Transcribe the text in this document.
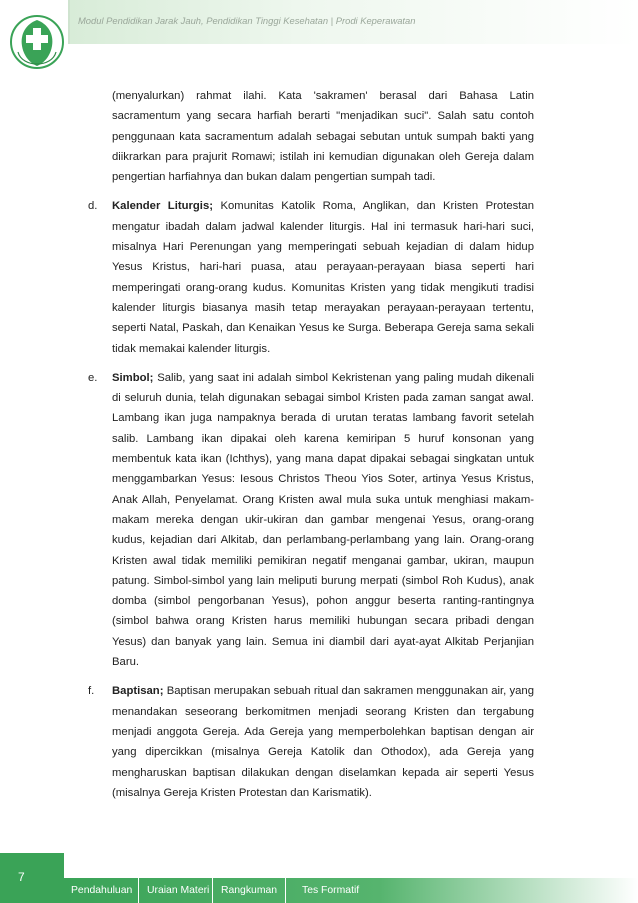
Modul Pendidikan Jarak Jauh, Pendidikan Tinggi Kesehatan | Prodi Keperawatan

(menyalurkan) rahmat ilahi. Kata 'sakramen' berasal dari Bahasa Latin sacramentum yang secara harfiah berarti "menjadikan suci". Salah satu contoh penggunaan kata sacramentum adalah sebagai sebutan untuk sumpah bakti yang diikrarkan para prajurit Romawi; istilah ini kemudian digunakan oleh Gereja dalam pengertian harfiahnya dan bukan dalam pengertian sumpah tadi.

d. Kalender Liturgis; Komunitas Katolik Roma, Anglikan, dan Kristen Protestan mengatur ibadah dalam jadwal kalender liturgis. Hal ini termasuk hari-hari suci, misalnya Hari Perenungan yang memperingati sebuah kejadian di dalam hidup Yesus Kristus, hari-hari puasa, atau perayaan-perayaan biasa seperti hari memperingati orang-orang kudus. Komunitas Kristen yang tidak mengikuti tradisi kalender liturgis biasanya masih tetap merayakan perayaan-perayaan tertentu, seperti Natal, Paskah, dan Kenaikan Yesus ke Surga. Beberapa Gereja sama sekali tidak memakai kalender liturgis.

e. Simbol; Salib, yang saat ini adalah simbol Kekristenan yang paling mudah dikenali di seluruh dunia, telah digunakan sebagai simbol Kristen pada zaman sangat awal. Lambang ikan juga nampaknya berada di urutan teratas lambang favorit setelah salib. Lambang ikan dipakai oleh karena kemiripan 5 huruf konsonan yang membentuk kata ikan (Ichthys), yang mana dapat dipakai sebagai singkatan untuk menggambarkan Yesus: Iesous Christos Theou Yios Soter, artinya Yesus Kristus, Anak Allah, Penyelamat. Orang Kristen awal mula suka untuk menghiasi makam-makam mereka dengan ukir-ukiran dan gambar mengenai Yesus, orang-orang kudus, kejadian dari Alkitab, dan perlambang-perlambang yang lain. Orang-orang Kristen awal tidak memiliki pemikiran negatif menganai gambar, ukiran, maupun patung. Simbol-simbol yang lain meliputi burung merpati (simbol Roh Kudus), anak domba (simbol pengorbanan Yesus), pohon anggur beserta ranting-rantingnya (simbol bahwa orang Kristen harus memiliki hubungan secara pribadi dengan Yesus) dan banyak yang lain. Semua ini diambil dari ayat-ayat Alkitab Perjanjian Baru.

f. Baptisan; Baptisan merupakan sebuah ritual dan sakramen menggunakan air, yang menandakan seseorang berkomitmen menjadi seorang Kristen dan tergabung menjadi anggota Gereja. Ada Gereja yang memperbolehkan baptisan dengan air yang dipercikkan (misalnya Gereja Katolik dan Othodox), ada Gereja yang mengharuskan baptisan dilakukan dengan diselamkan kepada air seperti Yesus (misalnya Gereja Kristen Protestan dan Karismatik).

7
Pendahuluan	Uraian Materi	Rangkuman	Tes Formatif
